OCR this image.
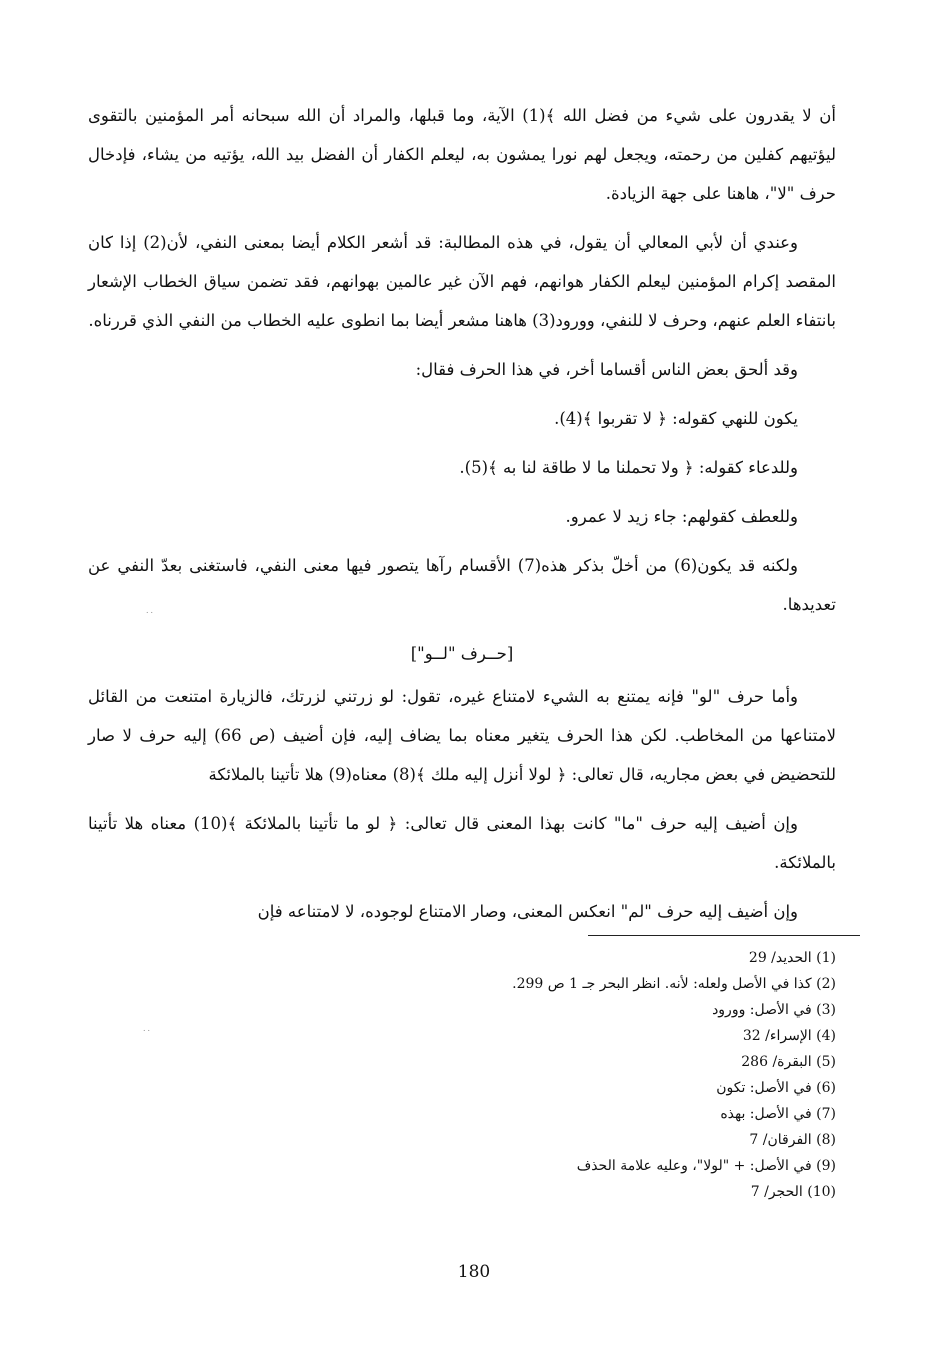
أن لا يقدرون على شيء من فضل الله ﴾(1) الآية، وما قبلها، والمراد أن الله سبحانه أمر المؤمنين بالتقوى ليؤتيهم كفلين من رحمته، ويجعل لهم نورا يمشون به، ليعلم الكفار أن الفضل بيد الله، يؤتيه من يشاء، فإدخال حرف "لا"، هاهنا على جهة الزيادة.

وعندي أن لأبي المعالي أن يقول، في هذه المطالبة: قد أشعر الكلام أيضا بمعنى النفي، لأن(2) إذا كان المقصد إكرام المؤمنين ليعلم الكفار هوانهم، فهم الآن غير عالمين بهوانهم، فقد تضمن سياق الخطاب الإشعار بانتفاء العلم عنهم، وحرف لا للنفي، وورود(3) هاهنا مشعر أيضا بما انطوى عليه الخطاب من النفي الذي قررناه.

وقد ألحق بعض الناس أقساما أخر، في هذا الحرف فقال:

يكون للنهي كقوله: ﴿ لا تقربوا ﴾(4).

وللدعاء كقوله: ﴿ ولا تحملنا ما لا طاقة لنا به ﴾(5).

وللعطف كقولهم: جاء زيد لا عمرو.

ولكنه قد يكون(6) من أخلّ بذكر هذه(7) الأقسام رآها يتصور فيها معنى النفي، فاستغنى بعدّ النفي عن تعديدها.

[حــرف "لــو"]

وأما حرف "لو" فإنه يمتنع به الشيء لامتناع غيره، تقول: لو زرتني لزرتك، فالزيارة امتنعت من القائل لامتناعها من المخاطب. لكن هذا الحرف يتغير معناه بما يضاف إليه، فإن أضيف (ص 66) إليه حرف لا صار للتحضيض في بعض مجاريه، قال تعالى: ﴿ لولا أنزل إليه ملك ﴾(8) معناه(9) هلا تأتينا بالملائكة

وإن أضيف إليه حرف "ما" كانت بهذا المعنى قال تعالى: ﴿ لو ما تأتينا بالملائكة ﴾(10) معناه هلا تأتينا بالملائكة.

وإن أضيف إليه حرف "لم" انعكس المعنى، وصار الامتناع لوجوده، لا لامتناعه فإن

(1) الحديد/ 29

(2) كذا في الأصل ولعله: لأنه. انظر البحر جـ 1 ص 299.

(3) في الأصل: وورود

(4) الإسراء/ 32

(5) البقرة/ 286

(6) في الأصل: تكون

(7) في الأصل: بهذه

(8) الفرقان/ 7

(9) في الأصل: + "لولا"، وعليه علامة الحذف

(10) الحجر/ 7

180
˙˙
˙˙
